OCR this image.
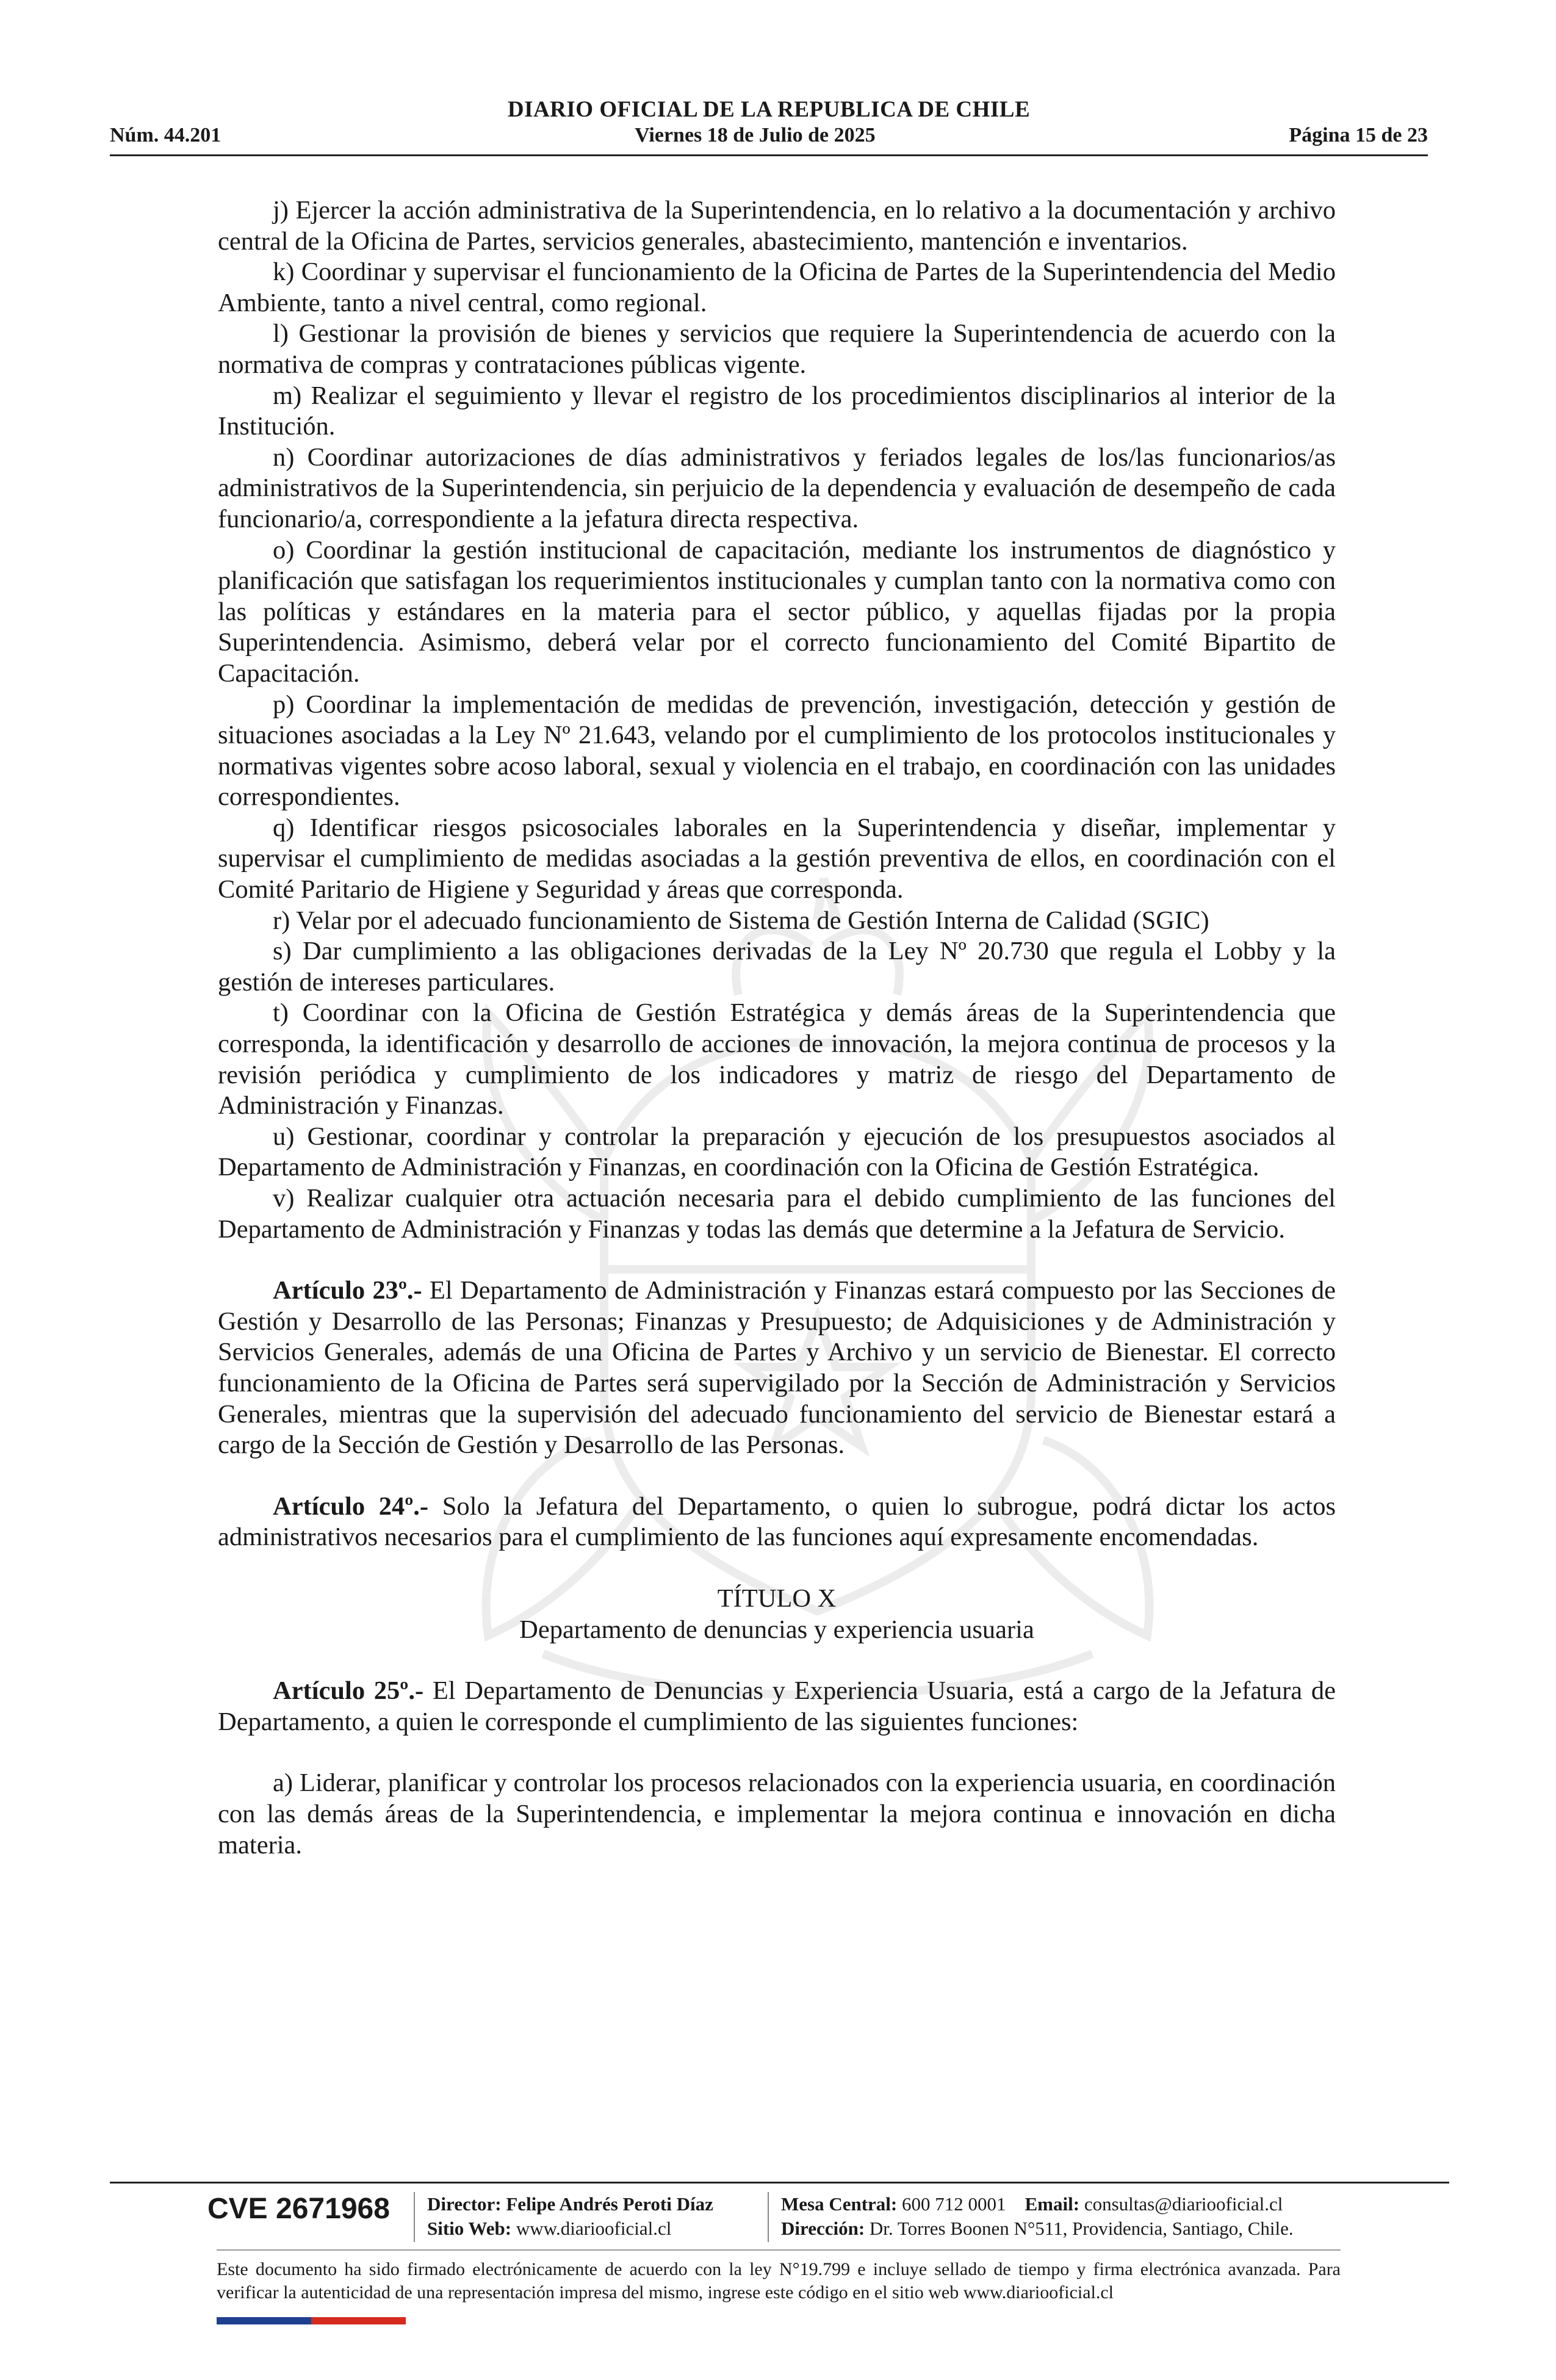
DIARIO OFICIAL DE LA REPUBLICA DE CHILE
Núm. 44.201	Viernes 18 de Julio de 2025	Página 15 de 23

j) Ejercer la acción administrativa de la Superintendencia, en lo relativo a la documentación y archivo central de la Oficina de Partes, servicios generales, abastecimiento, mantención e inventarios.

k) Coordinar y supervisar el funcionamiento de la Oficina de Partes de la Superintendencia del Medio Ambiente, tanto a nivel central, como regional.

l) Gestionar la provisión de bienes y servicios que requiere la Superintendencia de acuerdo con la normativa de compras y contrataciones públicas vigente.

m) Realizar el seguimiento y llevar el registro de los procedimientos disciplinarios al interior de la Institución.

n) Coordinar autorizaciones de días administrativos y feriados legales de los/las funcionarios/as administrativos de la Superintendencia, sin perjuicio de la dependencia y evaluación de desempeño de cada funcionario/a, correspondiente a la jefatura directa respectiva.

o) Coordinar la gestión institucional de capacitación, mediante los instrumentos de diagnóstico y planificación que satisfagan los requerimientos institucionales y cumplan tanto con la normativa como con las políticas y estándares en la materia para el sector público, y aquellas fijadas por la propia Superintendencia. Asimismo, deberá velar por el correcto funcionamiento del Comité Bipartito de Capacitación.

p) Coordinar la implementación de medidas de prevención, investigación, detección y gestión de situaciones asociadas a la Ley Nº 21.643, velando por el cumplimiento de los protocolos institucionales y normativas vigentes sobre acoso laboral, sexual y violencia en el trabajo, en coordinación con las unidades correspondientes.

q) Identificar riesgos psicosociales laborales en la Superintendencia y diseñar, implementar y supervisar el cumplimiento de medidas asociadas a la gestión preventiva de ellos, en coordinación con el Comité Paritario de Higiene y Seguridad y áreas que corresponda.

r) Velar por el adecuado funcionamiento de Sistema de Gestión Interna de Calidad (SGIC)

s) Dar cumplimiento a las obligaciones derivadas de la Ley Nº 20.730 que regula el Lobby y la gestión de intereses particulares.

t) Coordinar con la Oficina de Gestión Estratégica y demás áreas de la Superintendencia que corresponda, la identificación y desarrollo de acciones de innovación, la mejora continua de procesos y la revisión periódica y cumplimiento de los indicadores y matriz de riesgo del Departamento de Administración y Finanzas.

u) Gestionar, coordinar y controlar la preparación y ejecución de los presupuestos asociados al Departamento de Administración y Finanzas, en coordinación con la Oficina de Gestión Estratégica.

v) Realizar cualquier otra actuación necesaria para el debido cumplimiento de las funciones del Departamento de Administración y Finanzas y todas las demás que determine a la Jefatura de Servicio.

Artículo 23º.- El Departamento de Administración y Finanzas estará compuesto por las Secciones de Gestión y Desarrollo de las Personas; Finanzas y Presupuesto; de Adquisiciones y de Administración y Servicios Generales, además de una Oficina de Partes y Archivo y un servicio de Bienestar. El correcto funcionamiento de la Oficina de Partes será supervigilado por la Sección de Administración y Servicios Generales, mientras que la supervisión del adecuado funcionamiento del servicio de Bienestar estará a cargo de la Sección de Gestión y Desarrollo de las Personas.

Artículo 24º.- Solo la Jefatura del Departamento, o quien lo subrogue, podrá dictar los actos administrativos necesarios para el cumplimiento de las funciones aquí expresamente encomendadas.

TÍTULO X

Departamento de denuncias y experiencia usuaria

Artículo 25º.- El Departamento de Denuncias y Experiencia Usuaria, está a cargo de la Jefatura de Departamento, a quien le corresponde el cumplimiento de las siguientes funciones:

a) Liderar, planificar y controlar los procesos relacionados con la experiencia usuaria, en coordinación con las demás áreas de la Superintendencia, e implementar la mejora continua e innovación en dicha materia.

CVE 2671968 Director: Felipe Andrés Peroti Díaz
Sitio Web: www.diariooficial.cl
Mesa Central: 600 712 0001 Email: consultas@diariooficial.cl
Dirección: Dr. Torres Boonen N°511, Providencia, Santiago, Chile.
Este documento ha sido firmado electrónicamente de acuerdo con la ley N°19.799 e incluye sellado de tiempo y firma electrónica avanzada. Para verificar la autenticidad de una representación impresa del mismo, ingrese este código en el sitio web www.diariooficial.cl
